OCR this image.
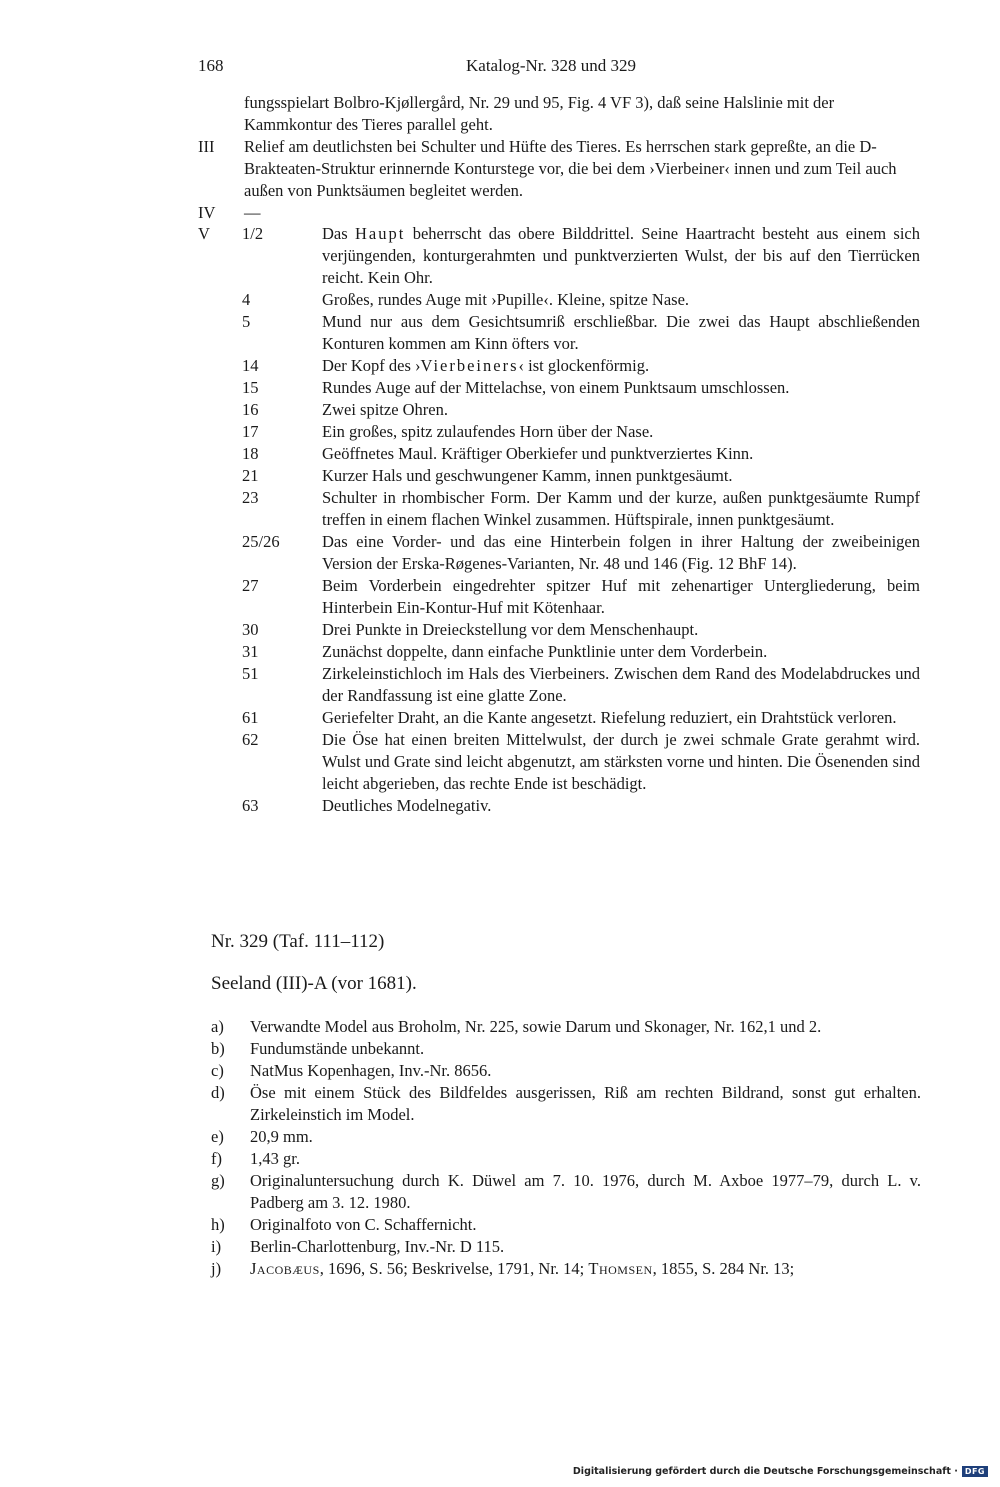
168	Katalog-Nr. 328 und 329
fungsspielart Bolbro-Kjøllergård, Nr. 29 und 95, Fig. 4 VF 3), daß seine Halslinie mit der Kammkontur des Tieres parallel geht.
III	Relief am deutlichsten bei Schulter und Hüfte des Tieres. Es herrschen stark gepreßte, an die D-Brakteaten-Struktur erinnernde Konturstege vor, die bei dem ›Vierbeiner‹ innen und zum Teil auch außen von Punktsäumen begleitet werden.
IV	—
V	1/2	Das Haupt beherrscht das obere Bilddrittel. Seine Haartracht besteht aus einem sich verjüngenden, konturgerahmten und punktverzierten Wulst, der bis auf den Tierrücken reicht. Kein Ohr.
4	Großes, rundes Auge mit ›Pupille‹. Kleine, spitze Nase.
5	Mund nur aus dem Gesichtsumriß erschließbar. Die zwei das Haupt abschließenden Konturen kommen am Kinn öfters vor.
14	Der Kopf des ›Vierbeiners‹ ist glockenförmig.
15	Rundes Auge auf der Mittelachse, von einem Punktsaum umschlossen.
16	Zwei spitze Ohren.
17	Ein großes, spitz zulaufendes Horn über der Nase.
18	Geöffnetes Maul. Kräftiger Oberkiefer und punktverziertes Kinn.
21	Kurzer Hals und geschwungener Kamm, innen punktgesäumt.
23	Schulter in rhombischer Form. Der Kamm und der kurze, außen punktgesäumte Rumpf treffen in einem flachen Winkel zusammen. Hüftspirale, innen punktgesäumt.
25/26	Das eine Vorder- und das eine Hinterbein folgen in ihrer Haltung der zweibeinigen Version der Erska-Røgenes-Varianten, Nr. 48 und 146 (Fig. 12 BhF 14).
27	Beim Vorderbein eingedrehter spitzer Huf mit zehenartiger Untergliederung, beim Hinterbein Ein-Kontur-Huf mit Kötenhaar.
30	Drei Punkte in Dreieckstellung vor dem Menschenhaupt.
31	Zunächst doppelte, dann einfache Punktlinie unter dem Vorderbein.
51	Zirkeleinstichloch im Hals des Vierbeiners. Zwischen dem Rand des Modelabdruckes und der Randfassung ist eine glatte Zone.
61	Geriefelter Draht, an die Kante angesetzt. Riefelung reduziert, ein Drahtstück verloren.
62	Die Öse hat einen breiten Mittelwulst, der durch je zwei schmale Grate gerahmt wird. Wulst und Grate sind leicht abgenutzt, am stärksten vorne und hinten. Die Ösenenden sind leicht abgerieben, das rechte Ende ist beschädigt.
63	Deutliches Modelnegativ.
Nr. 329 (Taf. 111–112)
Seeland (III)-A (vor 1681).
a)	Verwandte Model aus Broholm, Nr. 225, sowie Darum und Skonager, Nr. 162,1 und 2.
b)	Fundumstände unbekannt.
c)	NatMus Kopenhagen, Inv.-Nr. 8656.
d)	Öse mit einem Stück des Bildfeldes ausgerissen, Riß am rechten Bildrand, sonst gut erhalten. Zirkeleinstich im Model.
e)	20,9 mm.
f)	1,43 gr.
g)	Originaluntersuchung durch K. Düwel am 7. 10. 1976, durch M. Axboe 1977–79, durch L. v. Padberg am 3. 12. 1980.
h)	Originalfoto von C. Schaffernicht.
i)	Berlin-Charlottenburg, Inv.-Nr. D 115.
j)	Jacobæus, 1696, S. 56; Beskrivelse, 1791, Nr. 14; Thomsen, 1855, S. 284 Nr. 13;
Digitalisierung gefördert durch die Deutsche Forschungsgemeinschaft · DFG
